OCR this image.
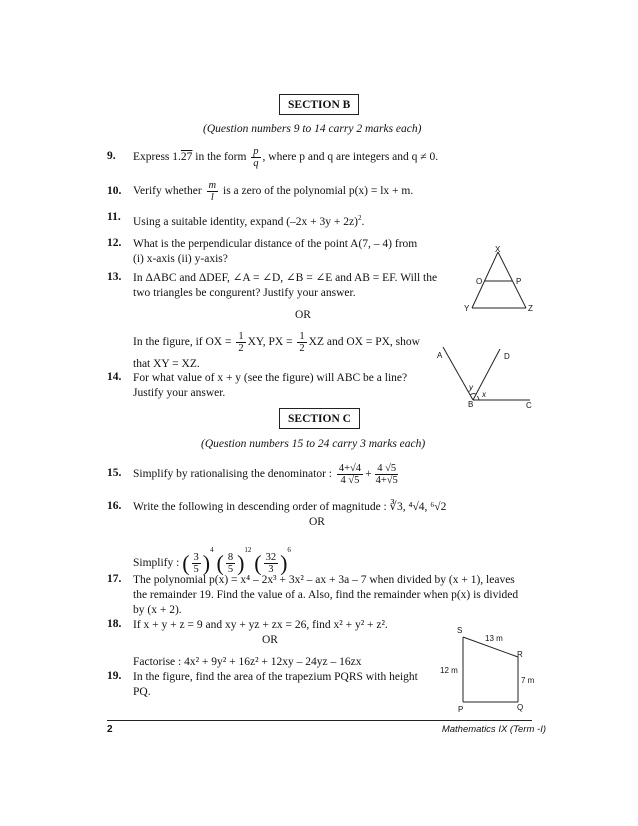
SECTION B
(Question numbers 9 to 14 carry 2 marks each)
9. Express 1.27 in the form $\frac{p}{q}$ , where p and q are integers and q ≠ 0.
10. Verify whether $\frac{m}{l}$ is a zero of the polynomial p(x) = lx + m.
11. Using a suitable identity, expand $(-2x + 3y + 2z)^2$.
12. What is the perpendicular distance of the point A(7, – 4) from
(i) x-axis (ii) y-axis?
13. In ΔABC and ΔDEF, ∠A = ∠D, ∠B = ∠E and AB = EF. Will the
two triangles be congurent? Justify your answer.
OR
In the figure, if OX = $\frac{1}{2}$ XY, PX = $\frac{1}{2}$ XZ and OX = PX, show
that XY = XZ.
14. For what value of x + y (see the figure) will ABC be a line?
Justify your answer.
X
O	P
Y	Z
A	D
B	C
y
x
SECTION C
(Question numbers 15 to 24 carry 3 marks each)
15. Simplify by rationalising the denominator : $\frac{4+√4}{4 √5} + \frac{4 √5}{4+√5}$
16. Write the following in descending order of magnitude : ∛3, ⁴√4, ⁶√2
OR
Simplify : ( $\frac{3}{5} )^4$ ( $\frac{8}{5} )^{12}$ ( $\frac{32}{3} )^6$
17. The polynomial p(x) = x⁴ – 2x³ + 3x² – ax + 3a – 7 when divided by (x + 1), leaves
the remainder 19. Find the value of a. Also, find the remainder when p(x) is divided
by (x + 2).
18. If x + y + z = 9 and xy + yz + zx = 26, find x² + y² + z².
OR
Factorise : 4x² + 9y² + 16z² + 12xy – 24yz – 16zx
19. In the figure, find the area of the trapezium PQRS with height
PQ.
S
13 m
R
12 m
7 m
P	Q
2	Mathematics IX (Term -I)
